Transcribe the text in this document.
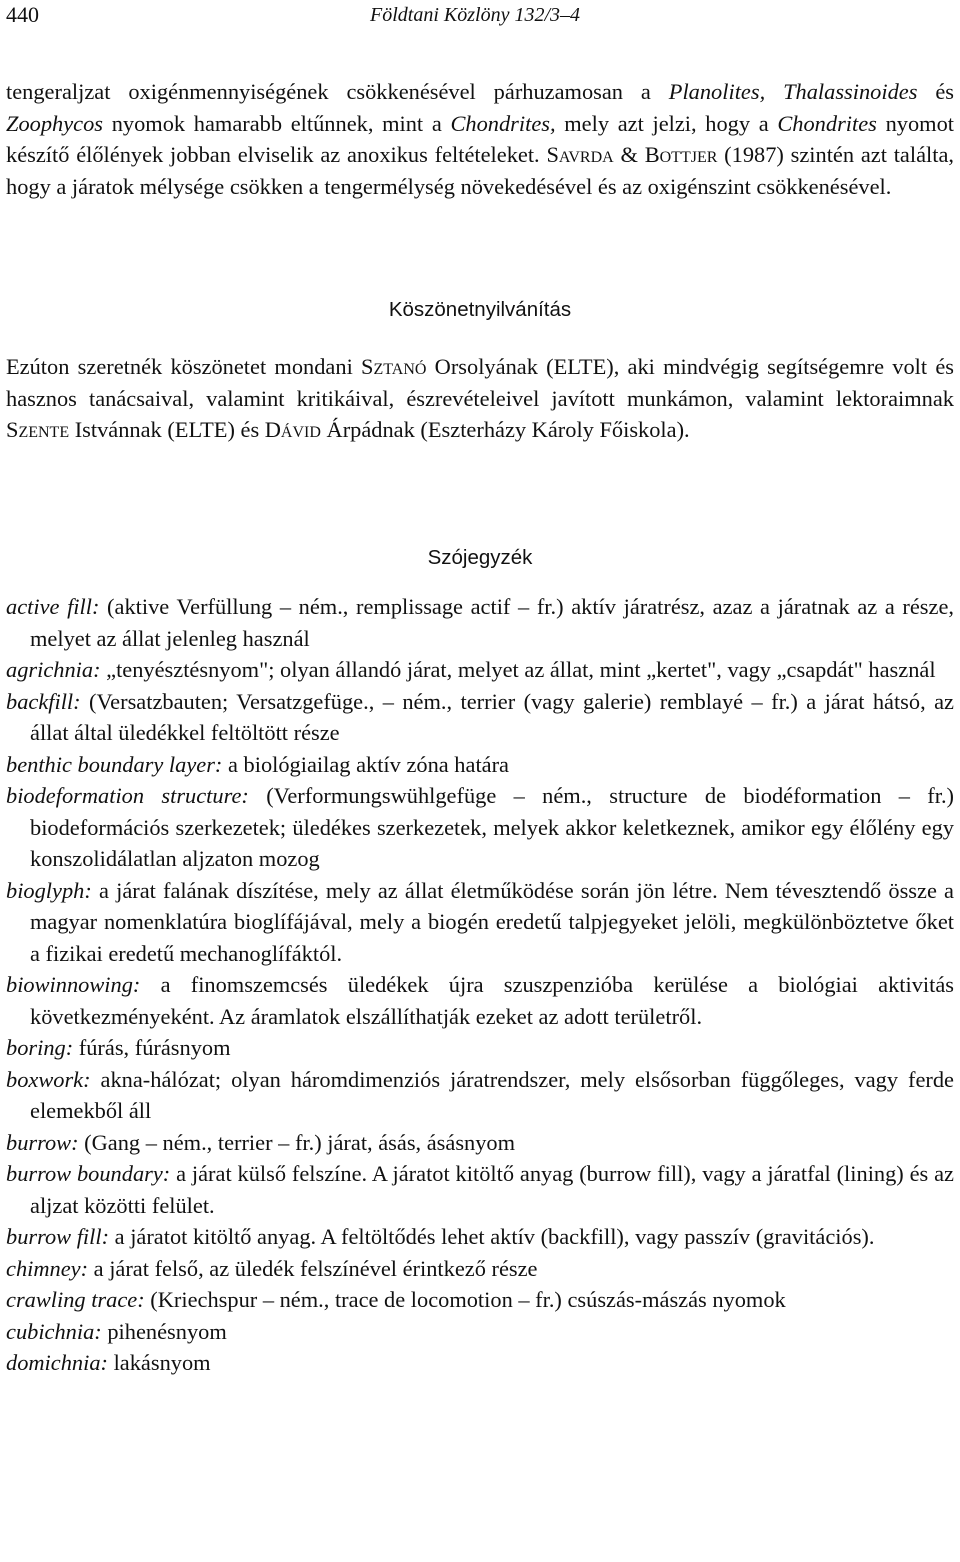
440	Földtani Közlöny 132/3–4

tengeraljzat oxigénmennyiségének csökkenésével párhuzamosan a Planolites, Thalassinoides és Zoophycos nyomok hamarabb eltűnnek, mint a Chondrites, mely azt jelzi, hogy a Chondrites nyomot készítő élőlények jobban elviselik az anoxikus feltételeket. Savrda & Bottjer (1987) szintén azt találta, hogy a járatok mélysége csökken a tengermélység növekedésével és az oxigénszint csökkenésével.

Köszönetnyilvánítás

Ezúton szeretnék köszönetet mondani Sztanó Orsolyának (ELTE), aki mindvégig segítségemre volt és hasznos tanácsaival, valamint kritikáival, észrevételeivel javított munkámon, valamint lektoraimnak Szente Istvánnak (ELTE) és Dávid Árpádnak (Eszterházy Károly Főiskola).

Szójegyzék

active fill: (aktive Verfüllung – ném., remplissage actif – fr.) aktív járatrész, azaz a járatnak az a része, melyet az állat jelenleg használ

agrichnia: „tenyésztésnyom"; olyan állandó járat, melyet az állat, mint „kertet", vagy „csapdát" használ

backfill: (Versatzbauten; Versatzgefüge., – ném., terrier (vagy galerie) remblayé – fr.) a járat hátsó, az állat által üledékkel feltöltött része

benthic boundary layer: a biológiailag aktív zóna határa

biodeformation structure: (Verformungswühlgefüge – ném., structure de biodéformation – fr.) biodeformációs szerkezetek; üledékes szerkezetek, melyek akkor keletkeznek, amikor egy élőlény egy konszolidálatlan aljzaton mozog

bioglyph: a járat falának díszítése, mely az állat életműködése során jön létre. Nem tévesztendő össze a magyar nomenklatúra bioglífájával, mely a biogén eredetű talpjegyeket jelöli, megkülönböztetve őket a fizikai eredetű mechanoglífáktól.

biowinnowing: a finomszemcsés üledékek újra szuszpenzióba kerülése a biológiai aktivitás következményeként. Az áramlatok elszállíthatják ezeket az adott területről.

boring: fúrás, fúrásnyom

boxwork: akna-hálózat; olyan háromdimenziós járatrendszer, mely elsősorban függőleges, vagy ferde elemekből áll

burrow: (Gang – ném., terrier – fr.) járat, ásás, ásásnyom

burrow boundary: a járat külső felszíne. A járatot kitöltő anyag (burrow fill), vagy a járatfal (lining) és az aljzat közötti felület.

burrow fill: a járatot kitöltő anyag. A feltöltődés lehet aktív (backfill), vagy passzív (gravitációs).

chimney: a járat felső, az üledék felszínével érintkező része

crawling trace: (Kriechspur – ném., trace de locomotion – fr.) csúszás-mászás nyomok

cubichnia: pihenésnyom

domichnia: lakásnyom
